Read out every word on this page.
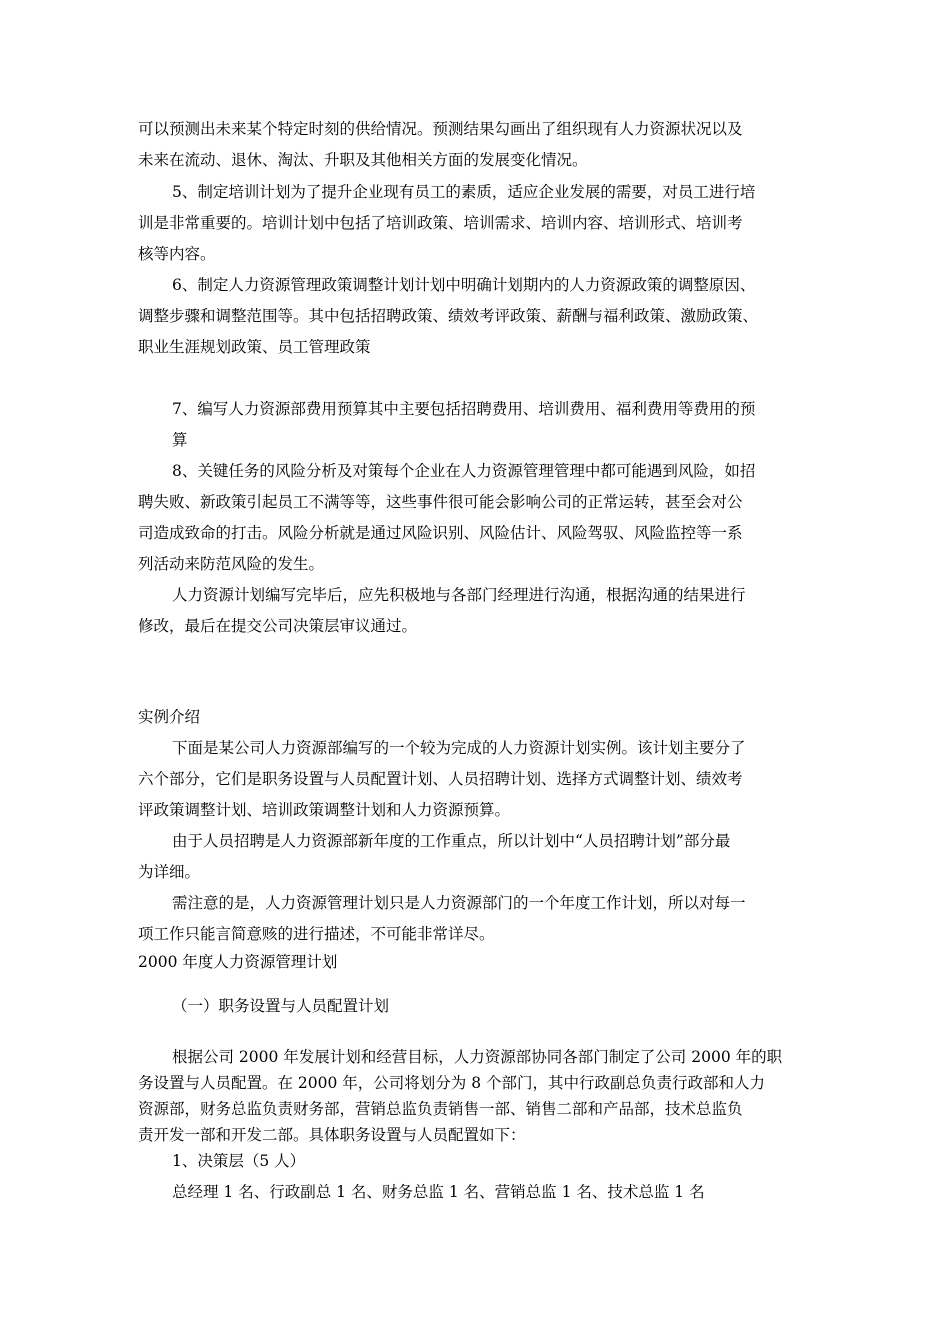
可以预测出未来某个特定时刻的供给情况。预测结果勾画出了组织现有人力资源状况以及
未来在流动、退休、淘汰、升职及其他相关方面的发展变化情况。
5、制定培训计划为了提升企业现有员工的素质，适应企业发展的需要，对员工进行培
训是非常重要的。培训计划中包括了培训政策、培训需求、培训内容、培训形式、培训考
核等内容。
6、制定人力资源管理政策调整计划计划中明确计划期内的人力资源政策的调整原因、
调整步骤和调整范围等。其中包括招聘政策、绩效考评政策、薪酬与福利政策、激励政策、
职业生涯规划政策、员工管理政策
7、编写人力资源部费用预算其中主要包括招聘费用、培训费用、福利费用等费用的预
算
8、关键任务的风险分析及对策每个企业在人力资源管理管理中都可能遇到风险，如招
聘失败、新政策引起员工不满等等，这些事件很可能会影响公司的正常运转，甚至会对公
司造成致命的打击。风险分析就是通过风险识别、风险估计、风险驾驭、风险监控等一系
列活动来防范风险的发生。
人力资源计划编写完毕后，应先积极地与各部门经理进行沟通，根据沟通的结果进行
修改，最后在提交公司决策层审议通过。
实例介绍
下面是某公司人力资源部编写的一个较为完成的人力资源计划实例。该计划主要分了
六个部分，它们是职务设置与人员配置计划、人员招聘计划、选择方式调整计划、绩效考
评政策调整计划、培训政策调整计划和人力资源预算。
由于人员招聘是人力资源部新年度的工作重点，所以计划中“人员招聘计划”部分最
为详细。
需注意的是，人力资源管理计划只是人力资源部门的一个年度工作计划，所以对每一
项工作只能言简意赅的进行描述，不可能非常详尽。
2000 年度人力资源管理计划
（一）职务设置与人员配置计划
根据公司 2000 年发展计划和经营目标，人力资源部协同各部门制定了公司 2000 年的职
务设置与人员配置。在 2000 年，公司将划分为 8 个部门，其中行政副总负责行政部和人力
资源部，财务总监负责财务部，营销总监负责销售一部、销售二部和产品部，技术总监负
责开发一部和开发二部。具体职务设置与人员配置如下：
1、决策层（5 人）
总经理 1 名、行政副总 1 名、财务总监 1 名、营销总监 1 名、技术总监 1 名
